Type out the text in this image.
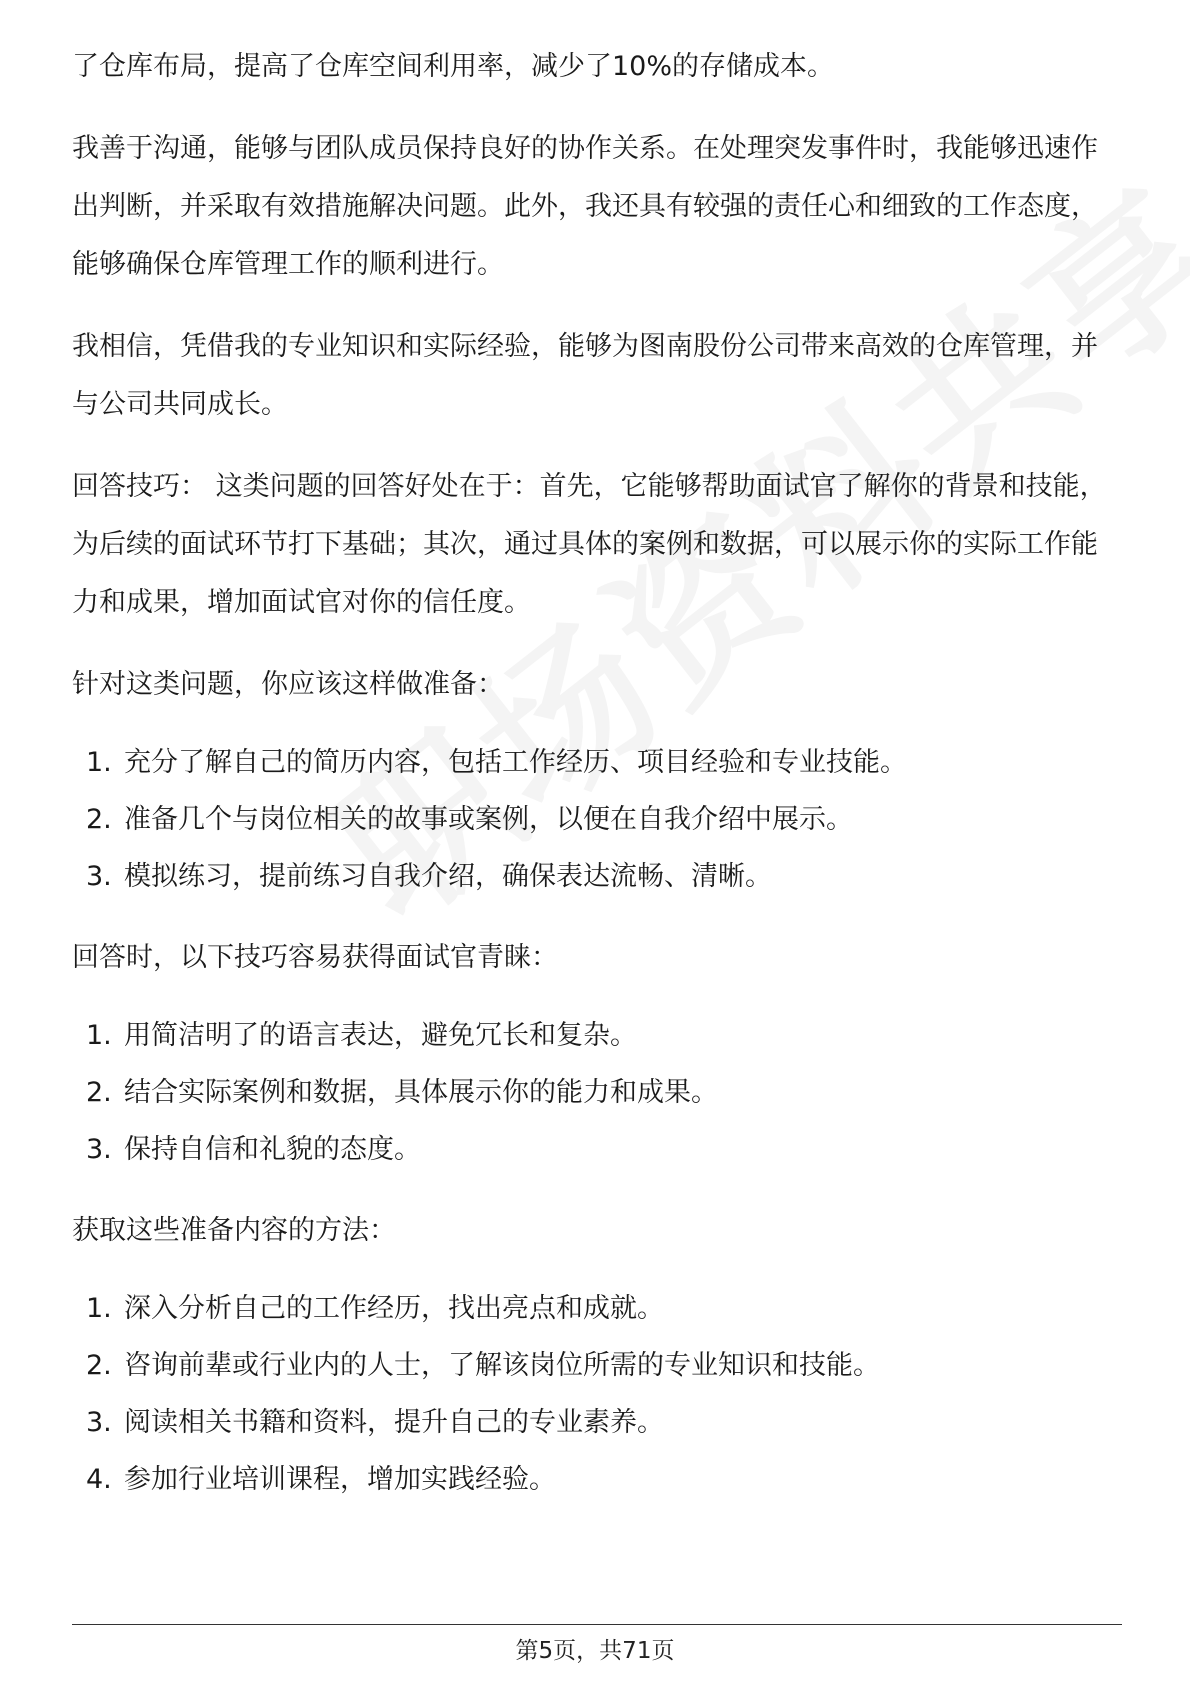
了仓库布局，提高了仓库空间利用率，减少了10%的存储成本。

我善于沟通，能够与团队成员保持良好的协作关系。在处理突发事件时，我能够迅速作出判断，并采取有效措施解决问题。此外，我还具有较强的责任心和细致的工作态度，能够确保仓库管理工作的顺利进行。

我相信，凭借我的专业知识和实际经验，能够为图南股份公司带来高效的仓库管理，并与公司共同成长。

回答技巧： 这类问题的回答好处在于：首先，它能够帮助面试官了解你的背景和技能，为后续的面试环节打下基础；其次，通过具体的案例和数据，可以展示你的实际工作能力和成果，增加面试官对你的信任度。

针对这类问题，你应该这样做准备：

1. 充分了解自己的简历内容，包括工作经历、项目经验和专业技能。
2. 准备几个与岗位相关的故事或案例，以便在自我介绍中展示。
3. 模拟练习，提前练习自我介绍，确保表达流畅、清晰。

回答时，以下技巧容易获得面试官青睐：

1. 用简洁明了的语言表达，避免冗长和复杂。
2. 结合实际案例和数据，具体展示你的能力和成果。
3. 保持自信和礼貌的态度。

获取这些准备内容的方法：

1. 深入分析自己的工作经历，找出亮点和成就。
2. 咨询前辈或行业内的人士，了解该岗位所需的专业知识和技能。
3. 阅读相关书籍和资料，提升自己的专业素养。
4. 参加行业培训课程，增加实践经验。
第5页，共71页
